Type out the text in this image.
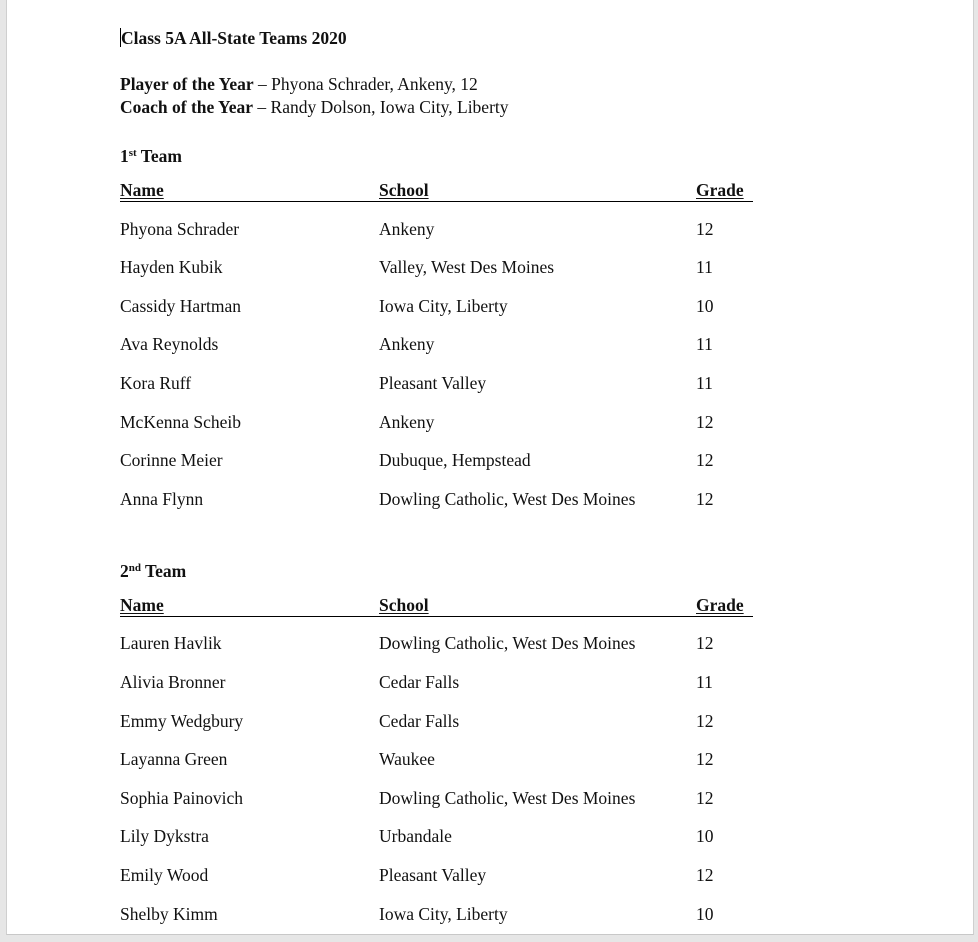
Class 5A All-State Teams 2020

Player of the Year – Phyona Schrader, Ankeny, 12

Coach of the Year – Randy Dolson, Iowa City, Liberty

1st Team

Name	School	Grade
Phyona Schrader	Ankeny	12
Hayden Kubik	Valley, West Des Moines	11
Cassidy Hartman	Iowa City, Liberty	10
Ava Reynolds	Ankeny	11
Kora Ruff	Pleasant Valley	11
McKenna Scheib	Ankeny	12
Corinne Meier	Dubuque, Hempstead	12
Anna Flynn	Dowling Catholic, West Des Moines	12

2nd Team

Name	School	Grade
Lauren Havlik	Dowling Catholic, West Des Moines	12
Alivia Bronner	Cedar Falls	11
Emmy Wedgbury	Cedar Falls	12
Layanna Green	Waukee	12
Sophia Painovich	Dowling Catholic, West Des Moines	12
Lily Dykstra	Urbandale	10
Emily Wood	Pleasant Valley	12
Shelby Kimm	Iowa City, Liberty	10
